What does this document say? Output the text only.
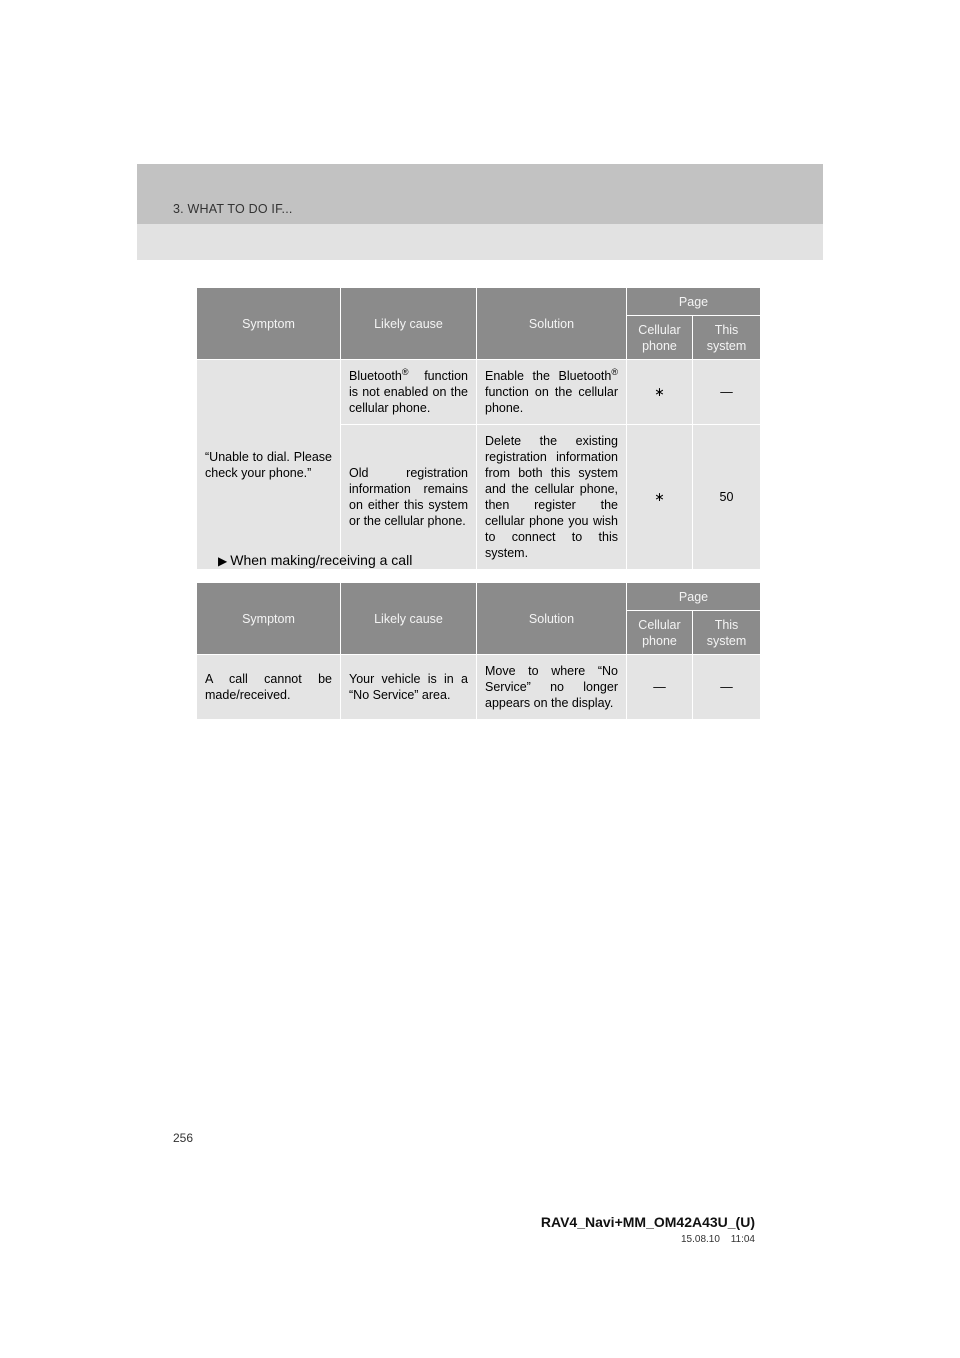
3. WHAT TO DO IF...
Symptom	Likely cause	Solution	Page	
			Cellular phone	This system
“Unable to dial. Please check your phone.”	Bluetooth® function is not enabled on the cellular phone.	Enable the Bluetooth® function on the cellular phone.	∗	—
	Old registration information remains on either this system or the cellular phone.	Delete the existing registration information from both this system and the cellular phone, then register the cellular phone you wish to connect to this system.	∗	50
▶ When making/receiving a call
Symptom	Likely cause	Solution	Page	
			Cellular phone	This system
A call cannot be made/received.	Your vehicle is in a “No Service” area.	Move to where “No Service” no longer appears on the display.	—	—
256
RAV4_Navi+MM_OM42A43U_(U)
15.08.10 11:04
